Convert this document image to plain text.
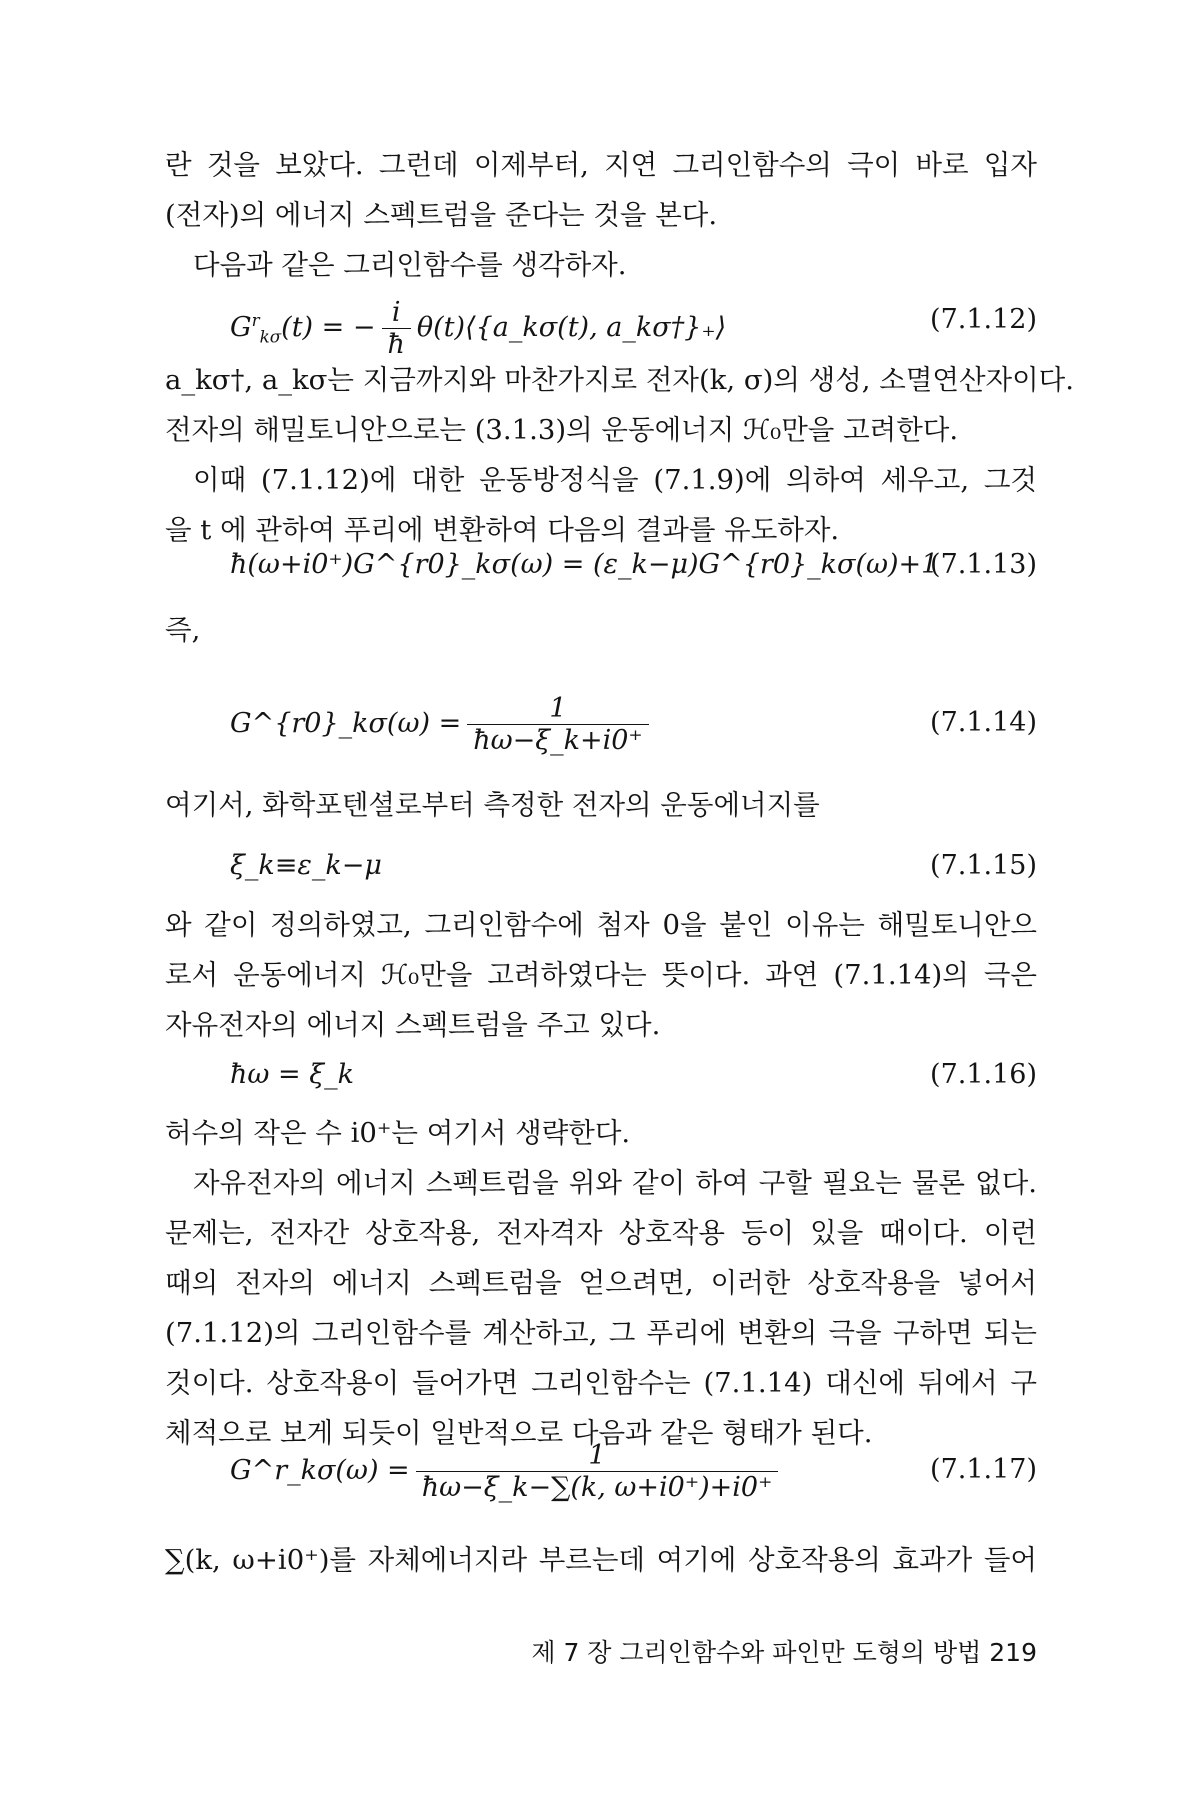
란 것을 보았다. 그런데 이제부터, 지연 그리인함수의 극이 바로 입자
(전자)의 에너지 스펙트럼을 준다는 것을 본다.
다음과 같은 그리인함수를 생각하자.
$G^r_{k\sigma}(t)$ = − $\frac{i}{ħ}$ θ(t)⟨{a_kσ(t), a_kσ†}₊⟩	(7.1.12)
a_kσ†, a_kσ는 지금까지와 마찬가지로 전자(k, σ)의 생성, 소멸연산자이다.
전자의 해밀토니안으로는 (3.1.3)의 운동에너지 ℋ₀만을 고려한다.
이때 (7.1.12)에 대한 운동방정식을 (7.1.9)에 의하여 세우고, 그것
을 t 에 관하여 푸리에 변환하여 다음의 결과를 유도하자.
ħ(ω+i0⁺)G^{r0}_kσ(ω) = (ε_k−μ)G^{r0}_kσ(ω)+1
(7.1.13)
즉,
G^{r0}_kσ(ω) = $\frac{1}{ħ\omega-\xi\_k+i0^+}$	(7.1.14)
여기서, 화학포텐셜로부터 측정한 전자의 운동에너지를
ξ_k≡ε_k−μ	(7.1.15)
와 같이 정의하였고, 그리인함수에 첨자 0을 붙인 이유는 해밀토니안으
로서 운동에너지 ℋ₀만을 고려하였다는 뜻이다. 과연 (7.1.14)의 극은
자유전자의 에너지 스펙트럼을 주고 있다.
ħω = ξ_k	(7.1.16)
허수의 작은 수 i0⁺는 여기서 생략한다.
자유전자의 에너지 스펙트럼을 위와 같이 하여 구할 필요는 물론 없다.
문제는, 전자간 상호작용, 전자격자 상호작용 등이 있을 때이다. 이런
때의 전자의 에너지 스펙트럼을 얻으려면, 이러한 상호작용을 넣어서
(7.1.12)의 그리인함수를 계산하고, 그 푸리에 변환의 극을 구하면 되는
것이다. 상호작용이 들어가면 그리인함수는 (7.1.14) 대신에 뒤에서 구
체적으로 보게 되듯이 일반적으로 다음과 같은 형태가 된다.
G^r_kσ(ω) = $\frac{1}{ħ\omega-\xi\_k-\sum(k, \omega+i0^+)+i0^+}$	(7.1.17)
∑(k, ω+i0⁺)를 자체에너지라 부르는데 여기에 상호작용의 효과가 들어
제 7 장 그리인함수와 파인만 도형의 방법 219
